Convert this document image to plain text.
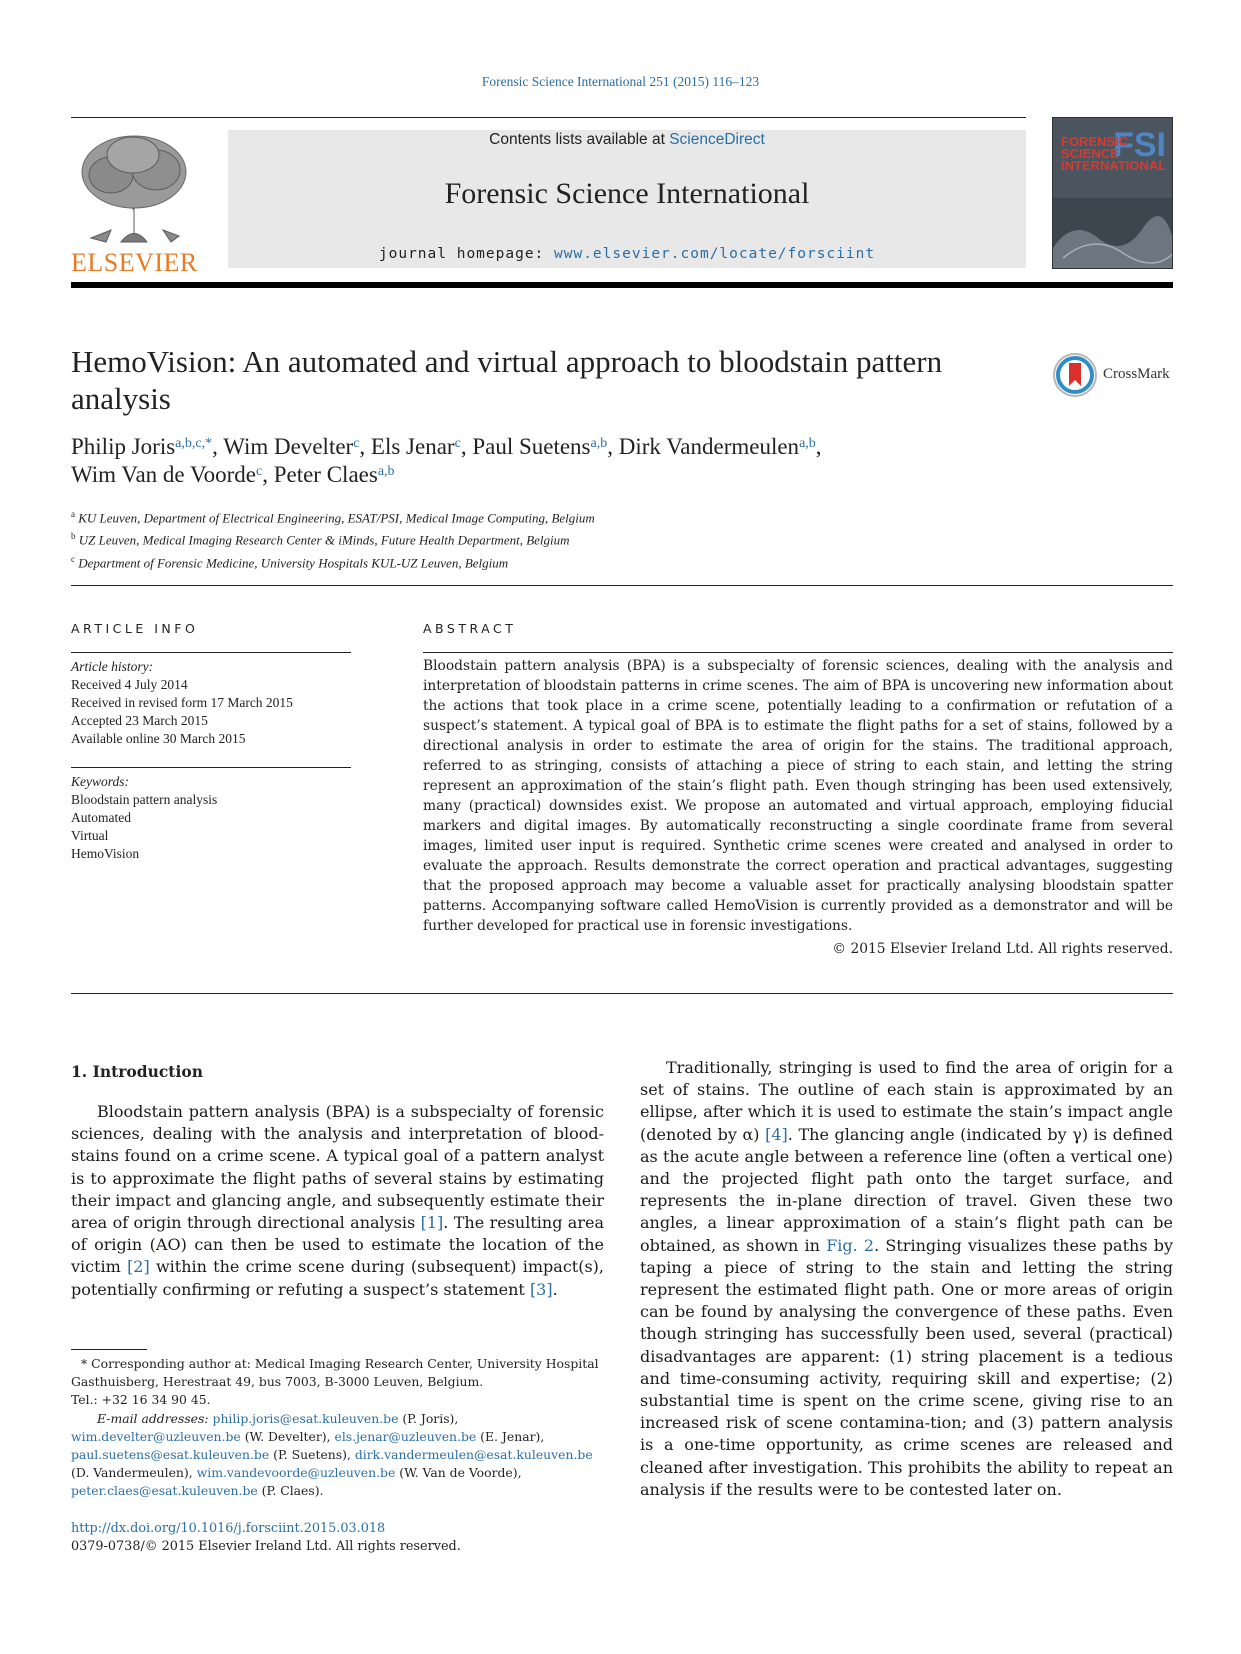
Forensic Science International 251 (2015) 116–123
ELSEVIER
Contents lists available at ScienceDirect
Forensic Science International
journal homepage: www.elsevier.com/locate/forsciint
FSI
FORENSIC SCIENCE INTERNATIONAL
HemoVision: An automated and virtual approach to bloodstain pattern analysis
CrossMark
Philip Joris$^{a,b,c,*}$, Wim Develter$^c$, Els Jenar$^c$, Paul Suetens$^{a,b}$, Dirk Vandermeulen$^{a,b}$,
Wim Van de Voorde$^c$, Peter Claes$^{a,b}$
$^a$ KU Leuven, Department of Electrical Engineering, ESAT/PSI, Medical Image Computing, Belgium
$^b$ UZ Leuven, Medical Imaging Research Center & iMinds, Future Health Department, Belgium
$^c$ Department of Forensic Medicine, University Hospitals KUL-UZ Leuven, Belgium
ARTICLE INFO	ABSTRACT
Article history:
Received 4 July 2014
Received in revised form 17 March 2015
Accepted 23 March 2015
Available online 30 March 2015
Keywords:
Bloodstain pattern analysis
Automated
Virtual
HemoVision
Bloodstain pattern analysis (BPA) is a subspecialty of forensic sciences, dealing with the analysis and interpretation of bloodstain patterns in crime scenes. The aim of BPA is uncovering new information about the actions that took place in a crime scene, potentially leading to a confirmation or refutation of a suspect’s statement. A typical goal of BPA is to estimate the flight paths for a set of stains, followed by a directional analysis in order to estimate the area of origin for the stains. The traditional approach, referred to as stringing, consists of attaching a piece of string to each stain, and letting the string represent an approximation of the stain’s flight path. Even though stringing has been used extensively, many (practical) downsides exist. We propose an automated and virtual approach, employing fiducial markers and digital images. By automatically reconstructing a single coordinate frame from several images, limited user input is required. Synthetic crime scenes were created and analysed in order to evaluate the approach. Results demonstrate the correct operation and practical advantages, suggesting that the proposed approach may become a valuable asset for practically analysing bloodstain spatter patterns. Accompanying software called HemoVision is currently provided as a demonstrator and will be further developed for practical use in forensic investigations.
© 2015 Elsevier Ireland Ltd. All rights reserved.
1. Introduction

Bloodstain pattern analysis (BPA) is a subspecialty of forensic sciences, dealing with the analysis and interpretation of blood-stains found on a crime scene. A typical goal of a pattern analyst is to approximate the flight paths of several stains by estimating their impact and glancing angle, and subsequently estimate their area of origin through directional analysis [1]. The resulting area of origin (AO) can then be used to estimate the location of the victim [2] within the crime scene during (subsequent) impact(s), potentially confirming or refuting a suspect’s statement [3].

Traditionally, stringing is used to find the area of origin for a set of stains. The outline of each stain is approximated by an ellipse, after which it is used to estimate the stain’s impact angle (denoted by α) [4]. The glancing angle (indicated by γ) is defined as the acute angle between a reference line (often a vertical one) and the projected flight path onto the target surface, and represents the in-plane direction of travel. Given these two angles, a linear approximation of a stain’s flight path can be obtained, as shown in Fig. 2. Stringing visualizes these paths by taping a piece of string to the stain and letting the string represent the estimated flight path. One or more areas of origin can be found by analysing the convergence of these paths. Even though stringing has successfully been used, several (practical) disadvantages are apparent: (1) string placement is a tedious and time-consuming activity, requiring skill and expertise; (2) substantial time is spent on the crime scene, giving rise to an increased risk of scene contamina-tion; and (3) pattern analysis is a one-time opportunity, as crime scenes are released and cleaned after investigation. This prohibits the ability to repeat an analysis if the results were to be contested later on.

* Corresponding author at: Medical Imaging Research Center, University Hospital Gasthuisberg, Herestraat 49, bus 7003, B-3000 Leuven, Belgium.
Tel.: +32 16 34 90 45.
E-mail addresses: philip.joris@esat.kuleuven.be (P. Joris),
wim.develter@uzleuven.be (W. Develter), els.jenar@uzleuven.be (E. Jenar),
paul.suetens@esat.kuleuven.be (P. Suetens), dirk.vandermeulen@esat.kuleuven.be
(D. Vandermeulen), wim.vandevoorde@uzleuven.be (W. Van de Voorde),
peter.claes@esat.kuleuven.be (P. Claes).
http://dx.doi.org/10.1016/j.forsciint.2015.03.018
0379-0738/© 2015 Elsevier Ireland Ltd. All rights reserved.
